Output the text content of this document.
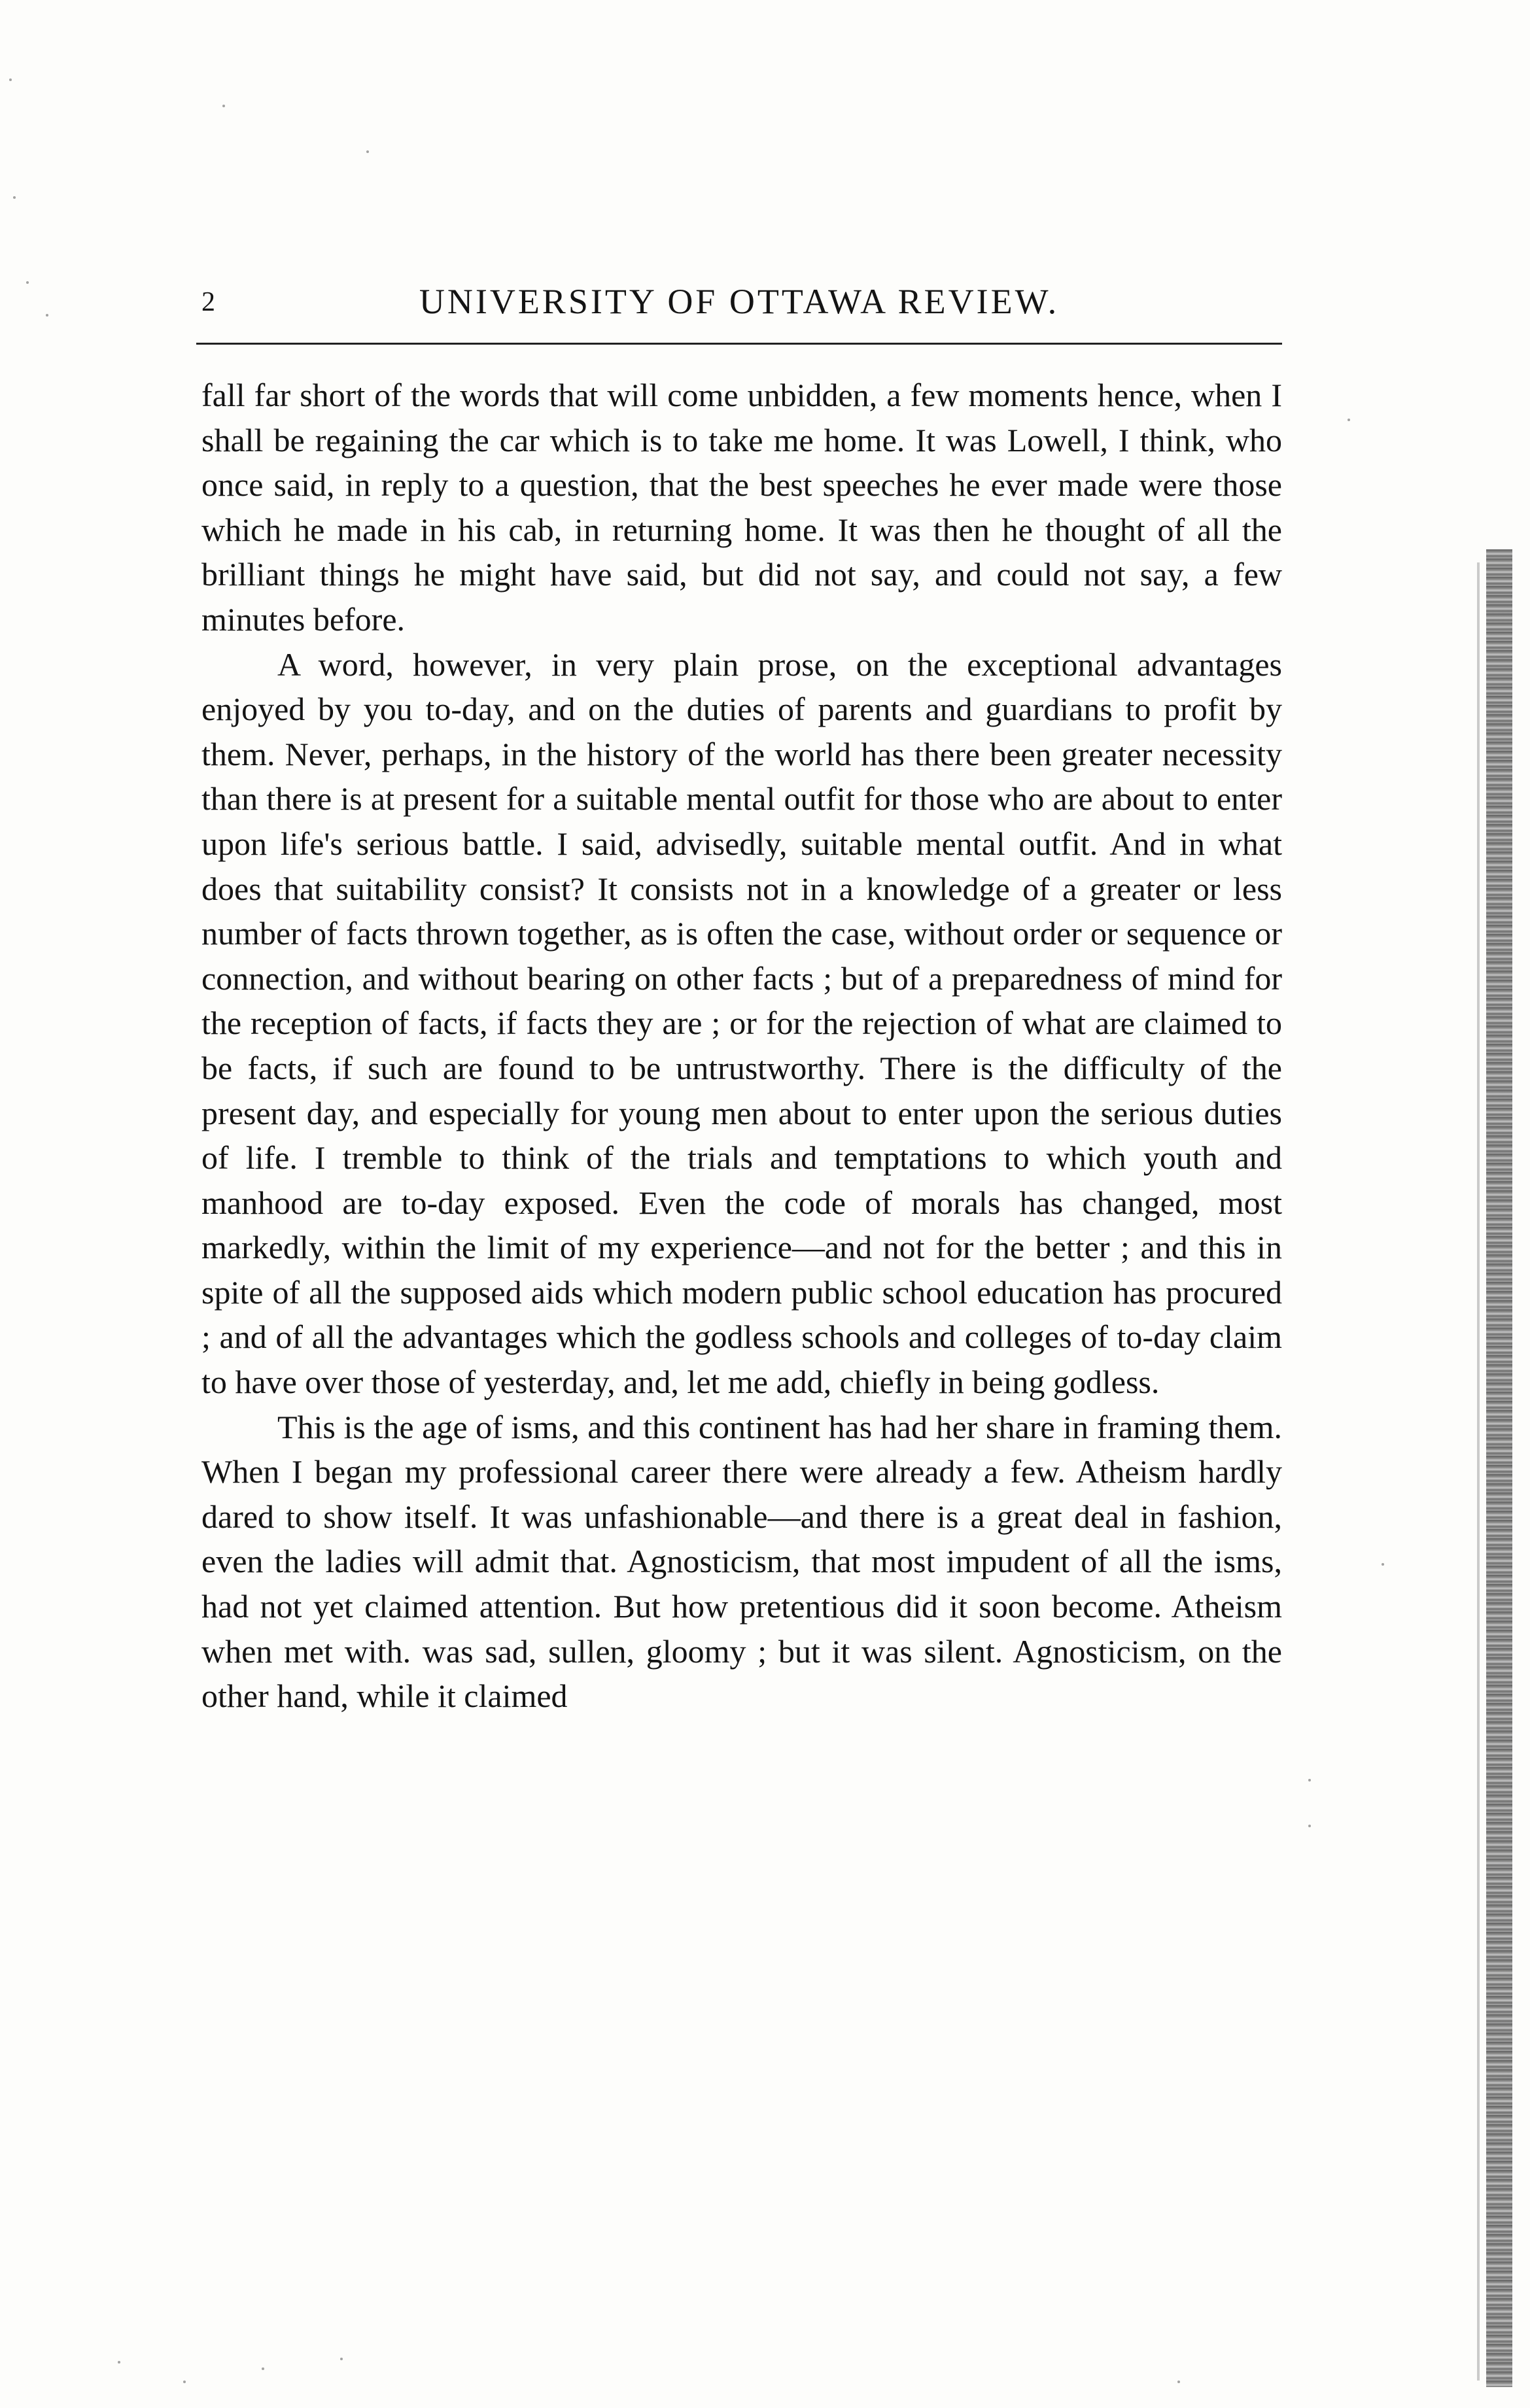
2	UNIVERSITY OF OTTAWA REVIEW.

fall far short of the words that will come unbidden, a few moments hence, when I shall be regaining the car which is to take me home. It was Lowell, I think, who once said, in reply to a question, that the best speeches he ever made were those which he made in his cab, in returning home. It was then he thought of all the brilliant things he might have said, but did not say, and could not say, a few minutes before.

A word, however, in very plain prose, on the exceptional advantages enjoyed by you to-day, and on the duties of parents and guardians to profit by them. Never, perhaps, in the history of the world has there been greater necessity than there is at present for a suitable mental outfit for those who are about to enter upon life's serious battle. I said, advisedly, suitable mental outfit. And in what does that suitability consist? It consists not in a knowledge of a greater or less number of facts thrown together, as is often the case, without order or sequence or connection, and without bearing on other facts ; but of a preparedness of mind for the reception of facts, if facts they are ; or for the rejection of what are claimed to be facts, if such are found to be untrustworthy. There is the difficulty of the present day, and especially for young men about to enter upon the serious duties of life. I tremble to think of the trials and temptations to which youth and manhood are to-day exposed. Even the code of morals has changed, most markedly, within the limit of my experience—and not for the better ; and this in spite of all the supposed aids which modern public school education has procured ; and of all the advantages which the godless schools and colleges of to-day claim to have over those of yesterday, and, let me add, chiefly in being godless.

This is the age of isms, and this continent has had her share in framing them. When I began my professional career there were already a few. Atheism hardly dared to show itself. It was unfashionable—and there is a great deal in fashion, even the ladies will admit that. Agnosticism, that most impudent of all the isms, had not yet claimed attention. But how pretentious did it soon become. Atheism when met with. was sad, sullen, gloomy ; but it was silent. Agnosticism, on the other hand, while it claimed
